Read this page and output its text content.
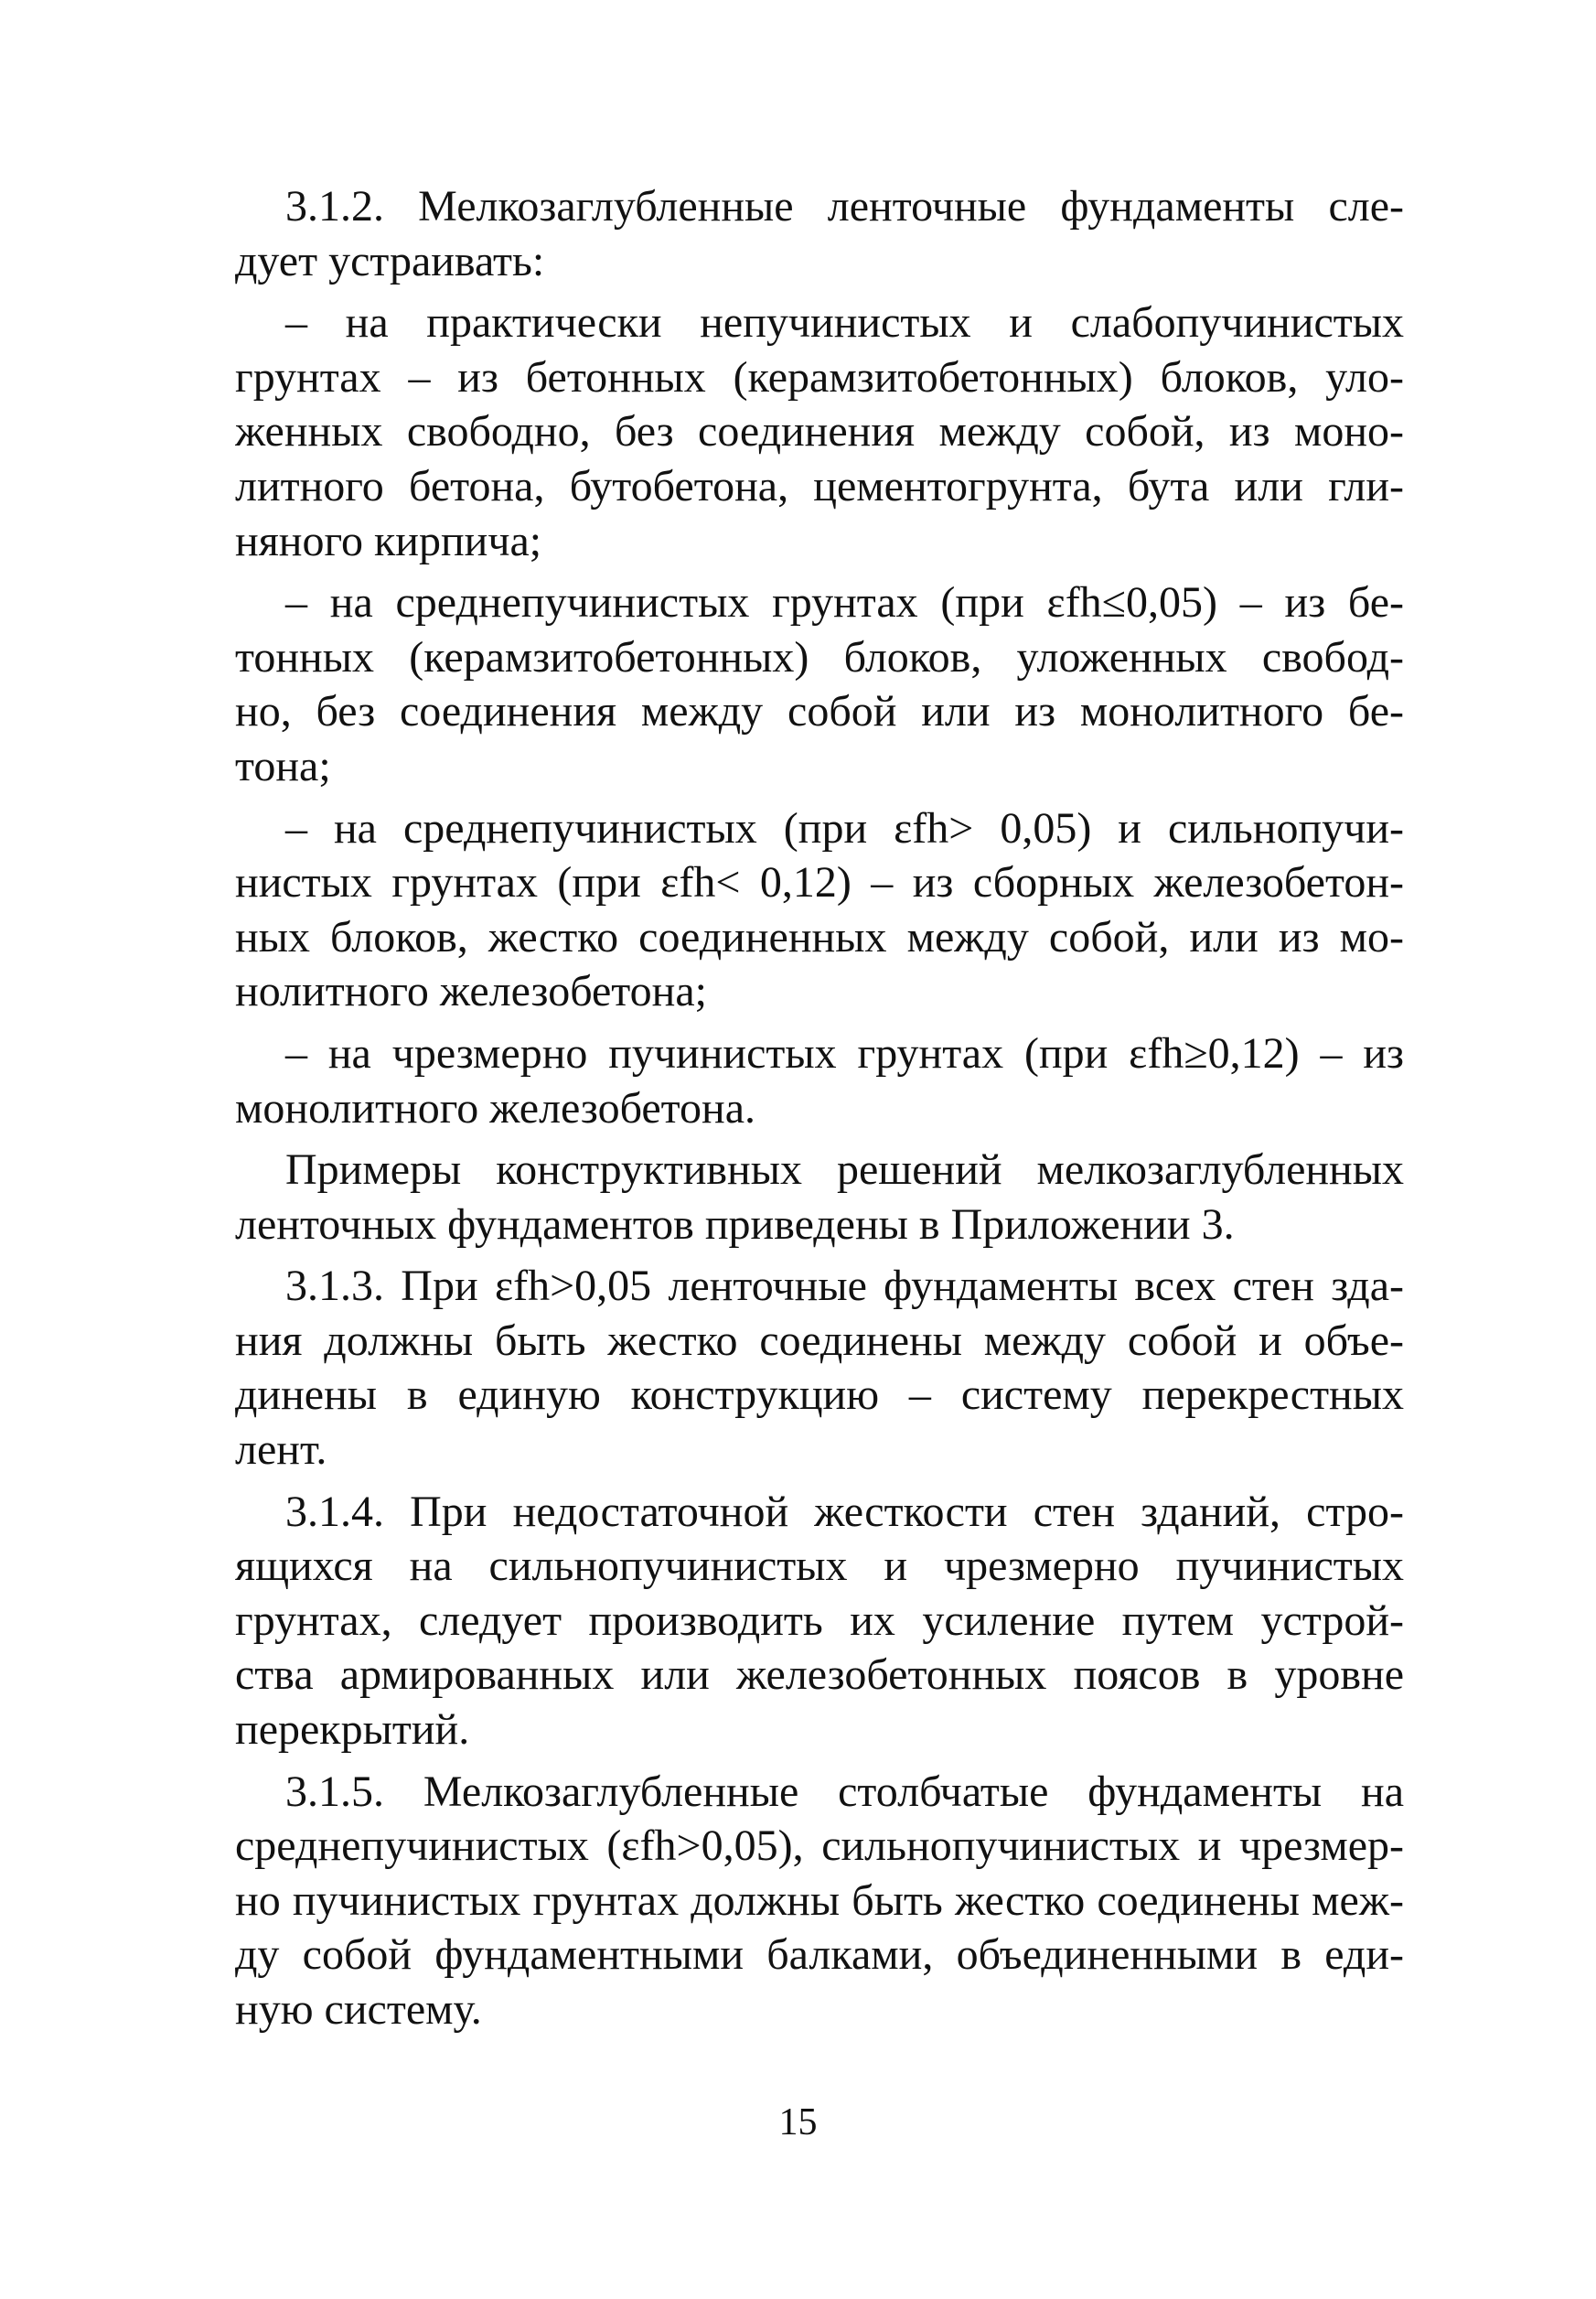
3.1.2. Мелкозаглубленные ленточные фундаменты сле-
дует устраивать:
– на практически непучинистых и слабопучинистых
грунтах – из бетонных (керамзитобетонных) блоков, уло-
женных свободно, без соединения между собой, из моно-
литного бетона, бутобетона, цементогрунта, бута или гли-
няного кирпича;
– на среднепучинистых грунтах (при εfh≤0,05) – из бе-
тонных (керамзитобетонных) блоков, уложенных свобод-
но, без соединения между собой или из монолитного бе-
тона;
– на среднепучинистых (при εfh> 0,05) и сильнопучи-
нистых грунтах (при εfh< 0,12) – из сборных железобетон-
ных блоков, жестко соединенных между собой, или из мо-
нолитного железобетона;
– на чрезмерно пучинистых грунтах (при εfh≥0,12) – из
монолитного железобетона.
Примеры конструктивных решений мелкозаглубленных
ленточных фундаментов приведены в Приложении 3.
3.1.3. При εfh>0,05 ленточные фундаменты всех стен зда-
ния должны быть жестко соединены между собой и объе-
динены в единую конструкцию – систему перекрестных
лент.
3.1.4. При недостаточной жесткости стен зданий, стро-
ящихся на сильнопучинистых и чрезмерно пучинистых
грунтах, следует производить их усиление путем устрой-
ства армированных или железобетонных поясов в уровне
перекрытий.
3.1.5. Мелкозаглубленные столбчатые фундаменты на
среднепучинистых (εfh>0,05), сильнопучинистых и чрезмер-
но пучинистых грунтах должны быть жестко соединены меж-
ду собой фундаментными балками, объединенными в еди-
ную систему.
15
